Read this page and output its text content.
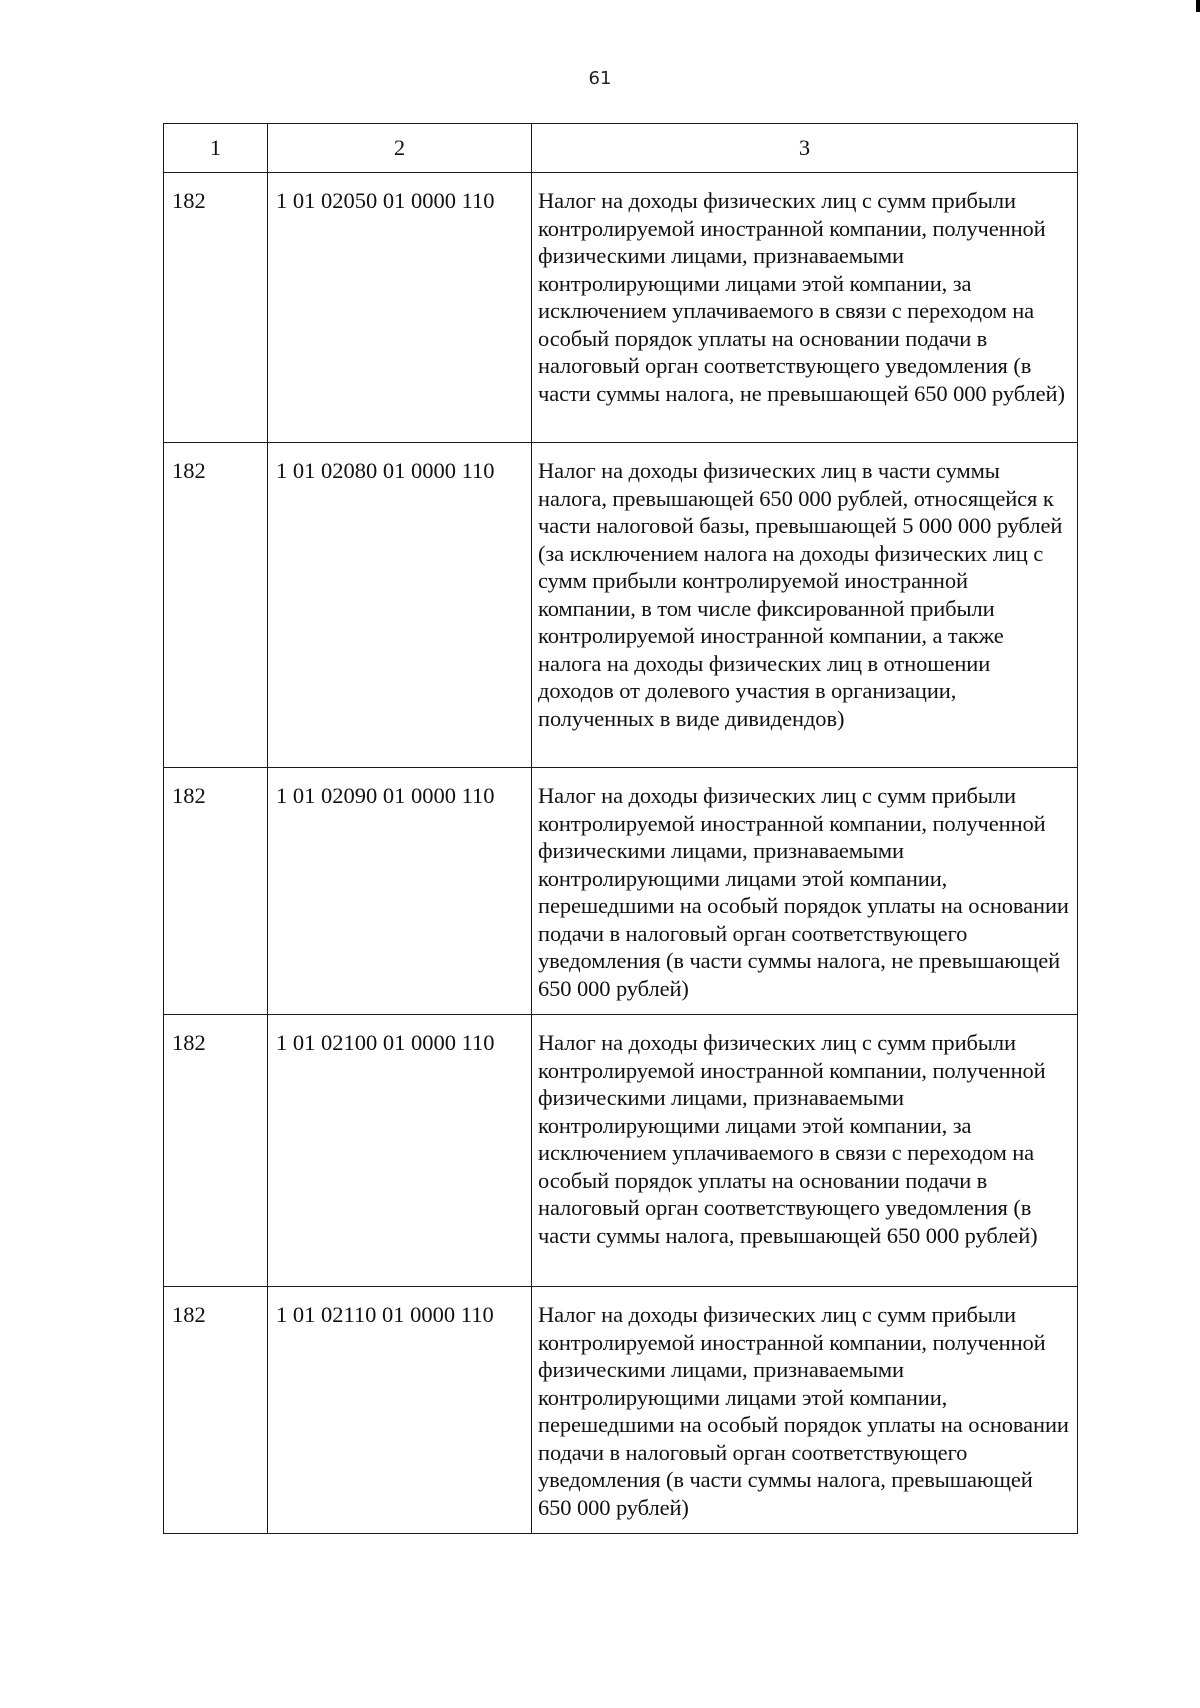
61
1	2	3
182	1 01 02050 01 0000 110	Налог на доходы физических лиц с сумм прибыли контролируемой иностранной компании, полученной физическими лицами, признаваемыми контролирующими лицами этой компании, за исключением уплачиваемого в связи с переходом на особый порядок уплаты на основании подачи в налоговый орган соответствующего уведомления (в части суммы налога, не превышающей 650 000 рублей)
182	1 01 02080 01 0000 110	Налог на доходы физических лиц в части суммы налога, превышающей 650 000 рублей, относящейся к части налоговой базы, превышающей 5 000 000 рублей (за исключением налога на доходы физических лиц с сумм прибыли контролируемой иностранной компании, в том числе фиксированной прибыли контролируемой иностранной компании, а также налога на доходы физических лиц в отношении доходов от долевого участия в организации, полученных в виде дивидендов)
182	1 01 02090 01 0000 110	Налог на доходы физических лиц с сумм прибыли контролируемой иностранной компании, полученной физическими лицами, признаваемыми контролирующими лицами этой компании, перешедшими на особый порядок уплаты на основании подачи в налоговый орган соответствующего уведомления (в части суммы налога, не превышающей 650 000 рублей)
182	1 01 02100 01 0000 110	Налог на доходы физических лиц с сумм прибыли контролируемой иностранной компании, полученной физическими лицами, признаваемыми контролирующими лицами этой компании, за исключением уплачиваемого в связи с переходом на особый порядок уплаты на основании подачи в налоговый орган соответствующего уведомления (в части суммы налога, превышающей 650 000 рублей)
182	1 01 02110 01 0000 110	Налог на доходы физических лиц с сумм прибыли контролируемой иностранной компании, полученной физическими лицами, признаваемыми контролирующими лицами этой компании, перешедшими на особый порядок уплаты на основании подачи в налоговый орган соответствующего уведомления (в части суммы налога, превышающей 650 000 рублей)
